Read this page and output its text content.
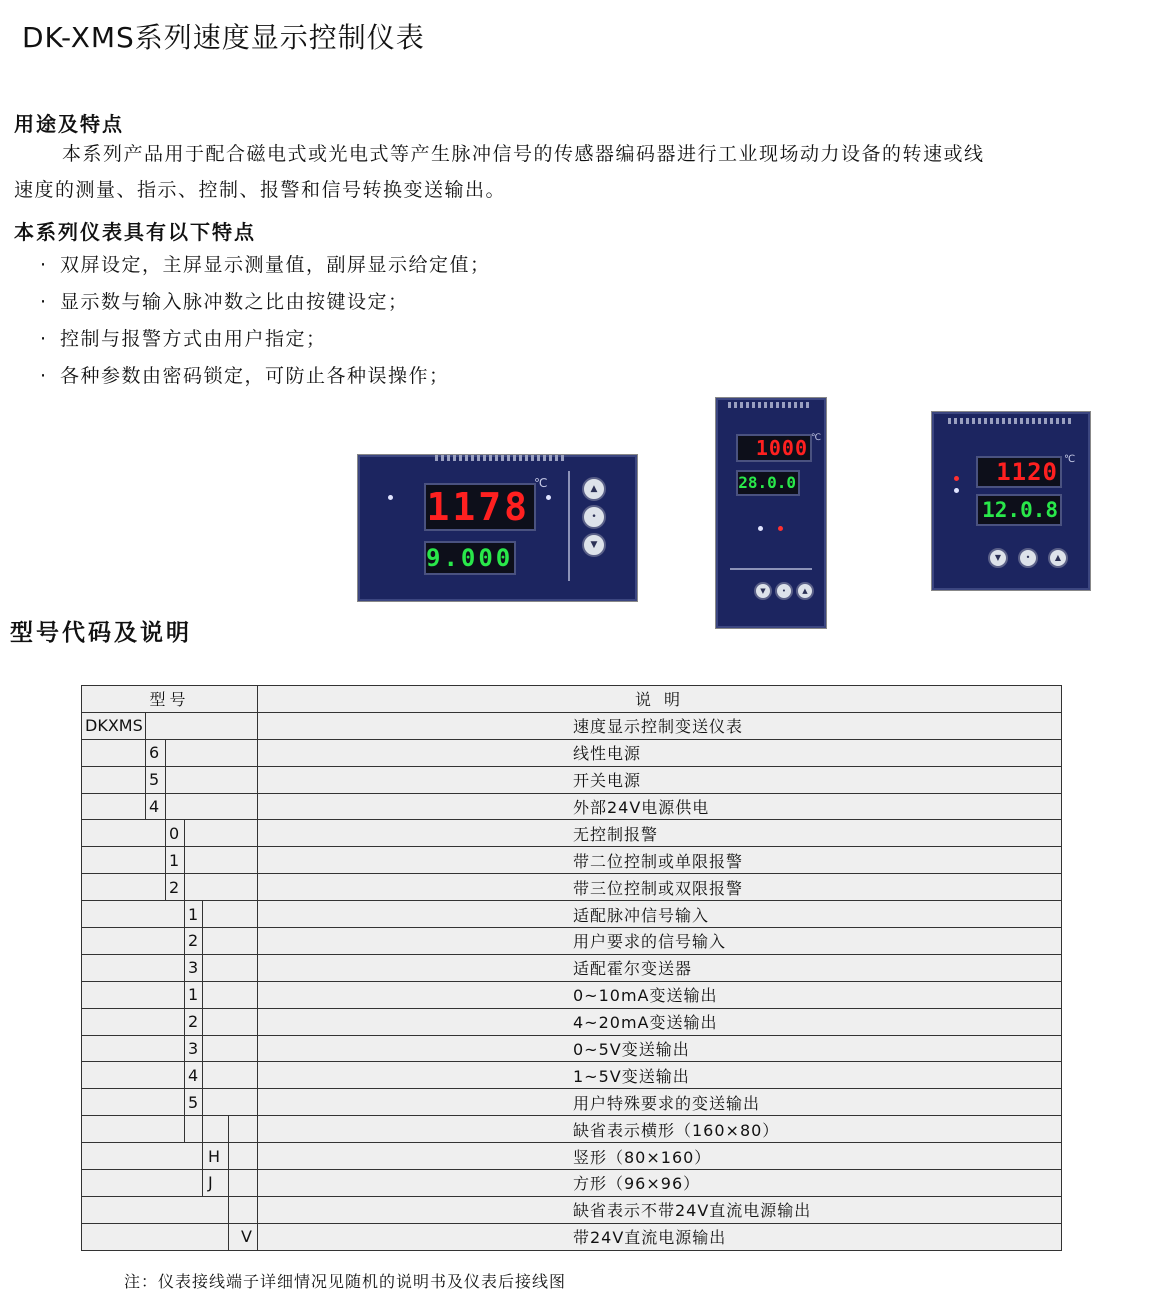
DK-XMS系列速度显示控制仪表
用途及特点
本系列产品用于配合磁电式或光电式等产生脉冲信号的传感器编码器进行工业现场动力设备的转速或线
速度的测量、指示、控制、报警和信号转换变送输出。
本系列仪表具有以下特点
· 双屏设定，主屏显示测量值，副屏显示给定值；
· 显示数与输入脉冲数之比由按键设定；
· 控制与报警方式由用户指定；
· 各种参数由密码锁定，可防止各种误操作；
1178
℃
9.000
▲
•
▼
1000 ℃
28.0.0
▼	•	▲
1120 ℃
12.0.8
▼	•	▲
型号代码及说明
型号						说 明
DKXMS						速度显示控制变送仪表
	6					线性电源
	5					开关电源
	4					外部24V电源供电
		0				无控制报警
		1				带二位控制或单限报警
		2				带三位控制或双限报警
			1			适配脉冲信号输入
			2			用户要求的信号输入
			3			适配霍尔变送器
			1			0~10mA变送输出
			2			4~20mA变送输出
			3			0~5V变送输出
			4			1~5V变送输出
			5			用户特殊要求的变送输出
						缺省表示横形（160×80）
				H		竖形（80×160）
				J		方形（96×96）
						缺省表示不带24V直流电源输出
					V	带24V直流电源输出
注：仪表接线端子详细情况见随机的说明书及仪表后接线图
